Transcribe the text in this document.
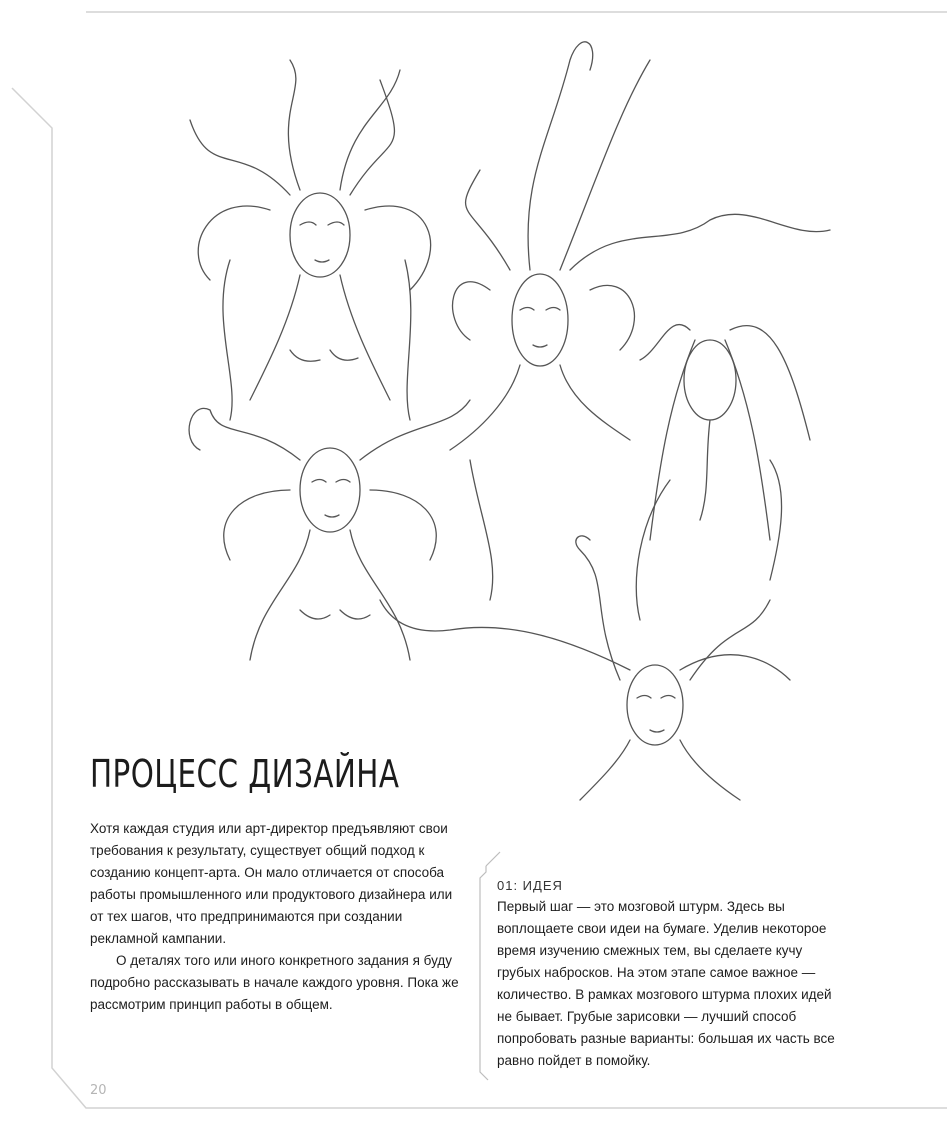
ПРОЦЕСС ДИЗАЙНА

Хотя каждая студия или арт-директор предъявляют свои требования к результату, существует общий подход к созданию концепт-арта. Он мало отличается от способа работы промышленного или продуктового дизайнера или от тех шагов, что предпринимаются при создании рекламной кампании.

О деталях того или иного конкретного задания я буду подробно рассказывать в начале каждого уровня. Пока же рассмотрим принцип работы в общем.

01: ИДЕЯ

Первый шаг — это мозговой штурм. Здесь вы воплощаете свои идеи на бумаге. Уделив некоторое время изучению смежных тем, вы сделаете кучу грубых набросков. На этом этапе самое важное — количество. В рамках мозгового штурма плохих идей не бывает. Грубые зарисовки — лучший способ попробовать разные варианты: большая их часть все равно пойдет в помойку.

20
